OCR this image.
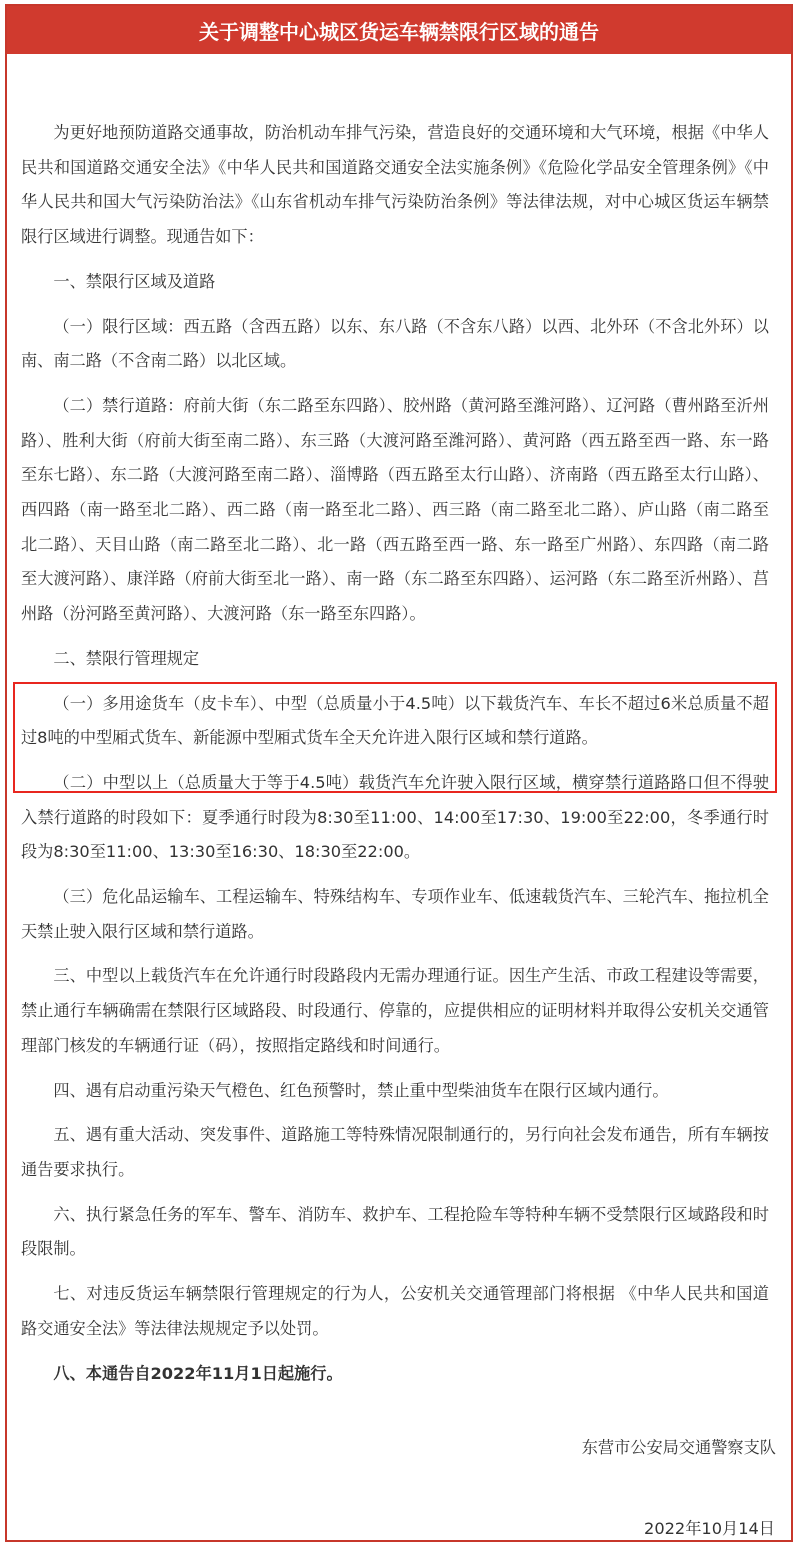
关于调整中心城区货运车辆禁限行区域的通告

为更好地预防道路交通事故，防治机动车排气污染，营造良好的交通环境和大气环境，根据《中华人民共和国道路交通安全法》《中华人民共和国道路交通安全法实施条例》《危险化学品安全管理条例》《中华人民共和国大气污染防治法》《山东省机动车排气污染防治条例》等法律法规，对中心城区货运车辆禁限行区域进行调整。现通告如下：

一、禁限行区域及道路

（一）限行区域：西五路（含西五路）以东、东八路（不含东八路）以西、北外环（不含北外环）以南、南二路（不含南二路）以北区域。

（二）禁行道路：府前大街（东二路至东四路）、胶州路（黄河路至潍河路）、辽河路（曹州路至沂州路）、胜利大街（府前大街至南二路）、东三路（大渡河路至潍河路）、黄河路（西五路至西一路、东一路至东七路）、东二路（大渡河路至南二路）、淄博路（西五路至太行山路）、济南路（西五路至太行山路）、西四路（南一路至北二路）、西二路（南一路至北二路）、西三路（南二路至北二路）、庐山路（南二路至北二路）、天目山路（南二路至北二路）、北一路（西五路至西一路、东一路至广州路）、东四路（南二路至大渡河路）、康洋路（府前大街至北一路）、南一路（东二路至东四路）、运河路（东二路至沂州路）、莒州路（汾河路至黄河路）、大渡河路（东一路至东四路）。

二、禁限行管理规定

（一）多用途货车（皮卡车）、中型（总质量小于4.5吨）以下载货汽车、车长不超过6米总质量不超过8吨的中型厢式货车、新能源中型厢式货车全天允许进入限行区域和禁行道路。

（二）中型以上（总质量大于等于4.5吨）载货汽车允许驶入限行区域，横穿禁行道路路口但不得驶入禁行道路的时段如下：夏季通行时段为8:30至11:00、14:00至17:30、19:00至22:00，冬季通行时段为8:30至11:00、13:30至16:30、18:30至22:00。

（三）危化品运输车、工程运输车、特殊结构车、专项作业车、低速载货汽车、三轮汽车、拖拉机全天禁止驶入限行区域和禁行道路。

三、中型以上载货汽车在允许通行时段路段内无需办理通行证。因生产生活、市政工程建设等需要，禁止通行车辆确需在禁限行区域路段、时段通行、停靠的，应提供相应的证明材料并取得公安机关交通管理部门核发的车辆通行证（码），按照指定路线和时间通行。

四、遇有启动重污染天气橙色、红色预警时，禁止重中型柴油货车在限行区域内通行。

五、遇有重大活动、突发事件、道路施工等特殊情况限制通行的，另行向社会发布通告，所有车辆按通告要求执行。

六、执行紧急任务的军车、警车、消防车、救护车、工程抢险车等特种车辆不受禁限行区域路段和时段限制。

七、对违反货运车辆禁限行管理规定的行为人，公安机关交通管理部门将根据 《中华人民共和国道路交通安全法》等法律法规规定予以处罚。

八、本通告自2022年11月1日起施行。

东营市公安局交通警察支队
2022年10月14日
